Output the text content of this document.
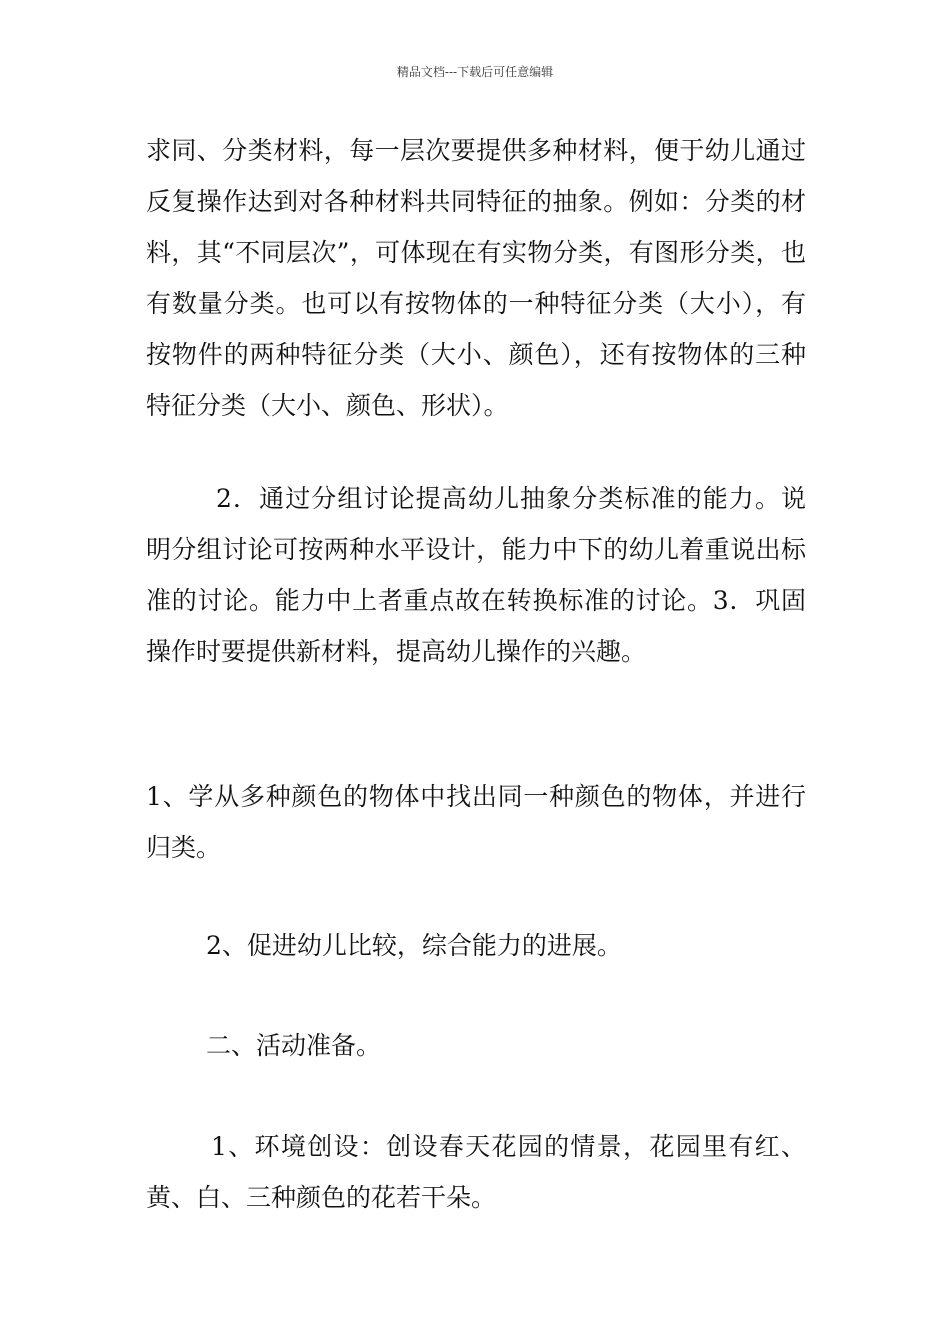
精品文档---下载后可任意编辑

求同、分类材料，每一层次要提供多种材料，便于幼儿通过反复操作达到对各种材料共同特征的抽象。例如：分类的材料，其“不同层次”，可体现在有实物分类，有图形分类，也有数量分类。也可以有按物体的一种特征分类（大小），有按物件的两种特征分类（大小、颜色），还有按物体的三种特征分类（大小、颜色、形状）。

2．通过分组讨论提高幼儿抽象分类标准的能力。说明分组讨论可按两种水平设计，能力中下的幼儿着重说出标准的讨论。能力中上者重点故在转换标准的讨论。3．巩固操作时要提供新材料，提高幼儿操作的兴趣。

1、学从多种颜色的物体中找出同一种颜色的物体，并进行归类。

2、促进幼儿比较，综合能力的进展。

二、活动准备。

1、环境创设：创设春天花园的情景，花园里有红、黄、白、三种颜色的花若干朵。
